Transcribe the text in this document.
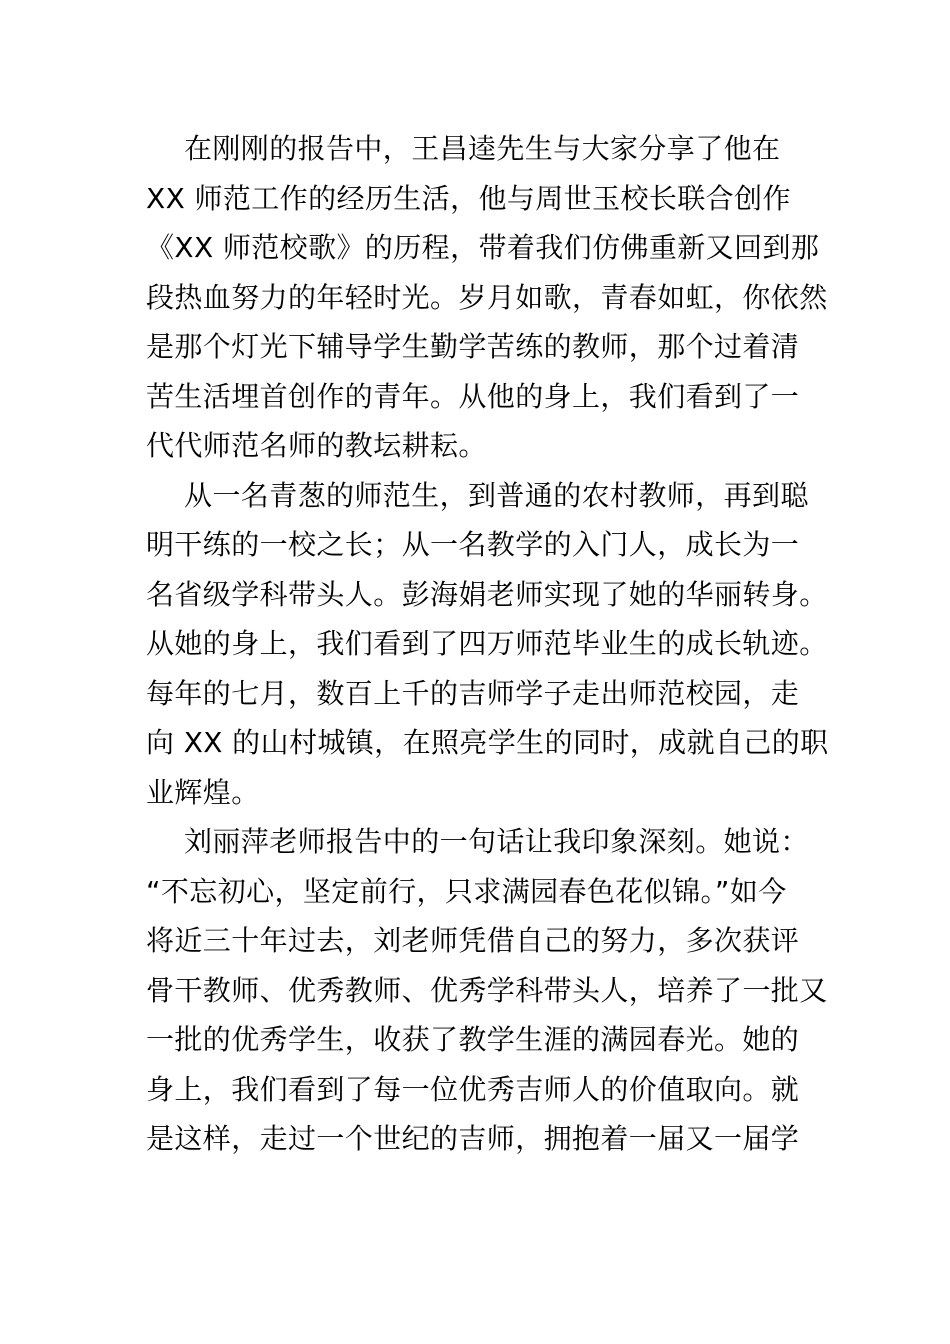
在刚刚的报告中，王昌逵先生与大家分享了他在
XX 师范工作的经历生活，他与周世玉校长联合创作
《XX 师范校歌》的历程，带着我们仿佛重新又回到那
段热血努力的年轻时光。岁月如歌，青春如虹，你依然
是那个灯光下辅导学生勤学苦练的教师，那个过着清
苦生活埋首创作的青年。从他的身上，我们看到了一
代代师范名师的教坛耕耘。
从一名青葱的师范生，到普通的农村教师，再到聪
明干练的一校之长；从一名教学的入门人，成长为一
名省级学科带头人。彭海娟老师实现了她的华丽转身。
从她的身上，我们看到了四万师范毕业生的成长轨迹。
每年的七月，数百上千的吉师学子走出师范校园，走
向 XX 的山村城镇，在照亮学生的同时，成就自己的职
业辉煌。
刘丽萍老师报告中的一句话让我印象深刻。她说：
“不忘初心，坚定前行，只求满园春色花似锦。”如今
将近三十年过去，刘老师凭借自己的努力，多次获评
骨干教师、优秀教师、优秀学科带头人，培养了一批又
一批的优秀学生，收获了教学生涯的满园春光。她的
身上，我们看到了每一位优秀吉师人的价值取向。就
是这样，走过一个世纪的吉师，拥抱着一届又一届学
